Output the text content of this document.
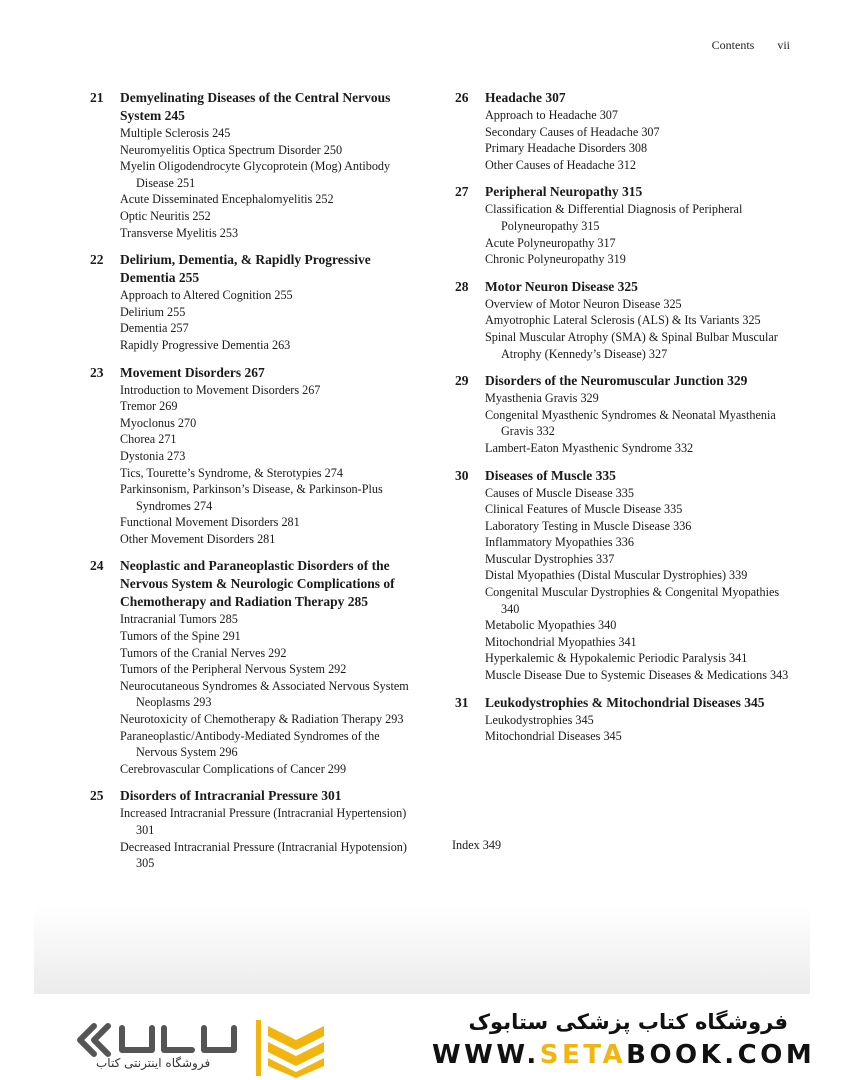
Contents vii
21	Demyelinating Diseases of the Central Nervous System 245
Multiple Sclerosis 245
Neuromyelitis Optica Spectrum Disorder 250
Myelin Oligodendrocyte Glycoprotein (Mog) Antibody Disease 251
Acute Disseminated Encephalomyelitis 252
Optic Neuritis 252
Transverse Myelitis 253
22	Delirium, Dementia, & Rapidly Progressive Dementia 255
Approach to Altered Cognition 255
Delirium 255
Dementia 257
Rapidly Progressive Dementia 263
23	Movement Disorders 267
Introduction to Movement Disorders 267
Tremor 269
Myoclonus 270
Chorea 271
Dystonia 273
Tics, Tourette’s Syndrome, & Sterotypies 274
Parkinsonism, Parkinson’s Disease, & Parkinson-Plus Syndromes 274
Functional Movement Disorders 281
Other Movement Disorders 281
24	Neoplastic and Paraneoplastic Disorders of the Nervous System & Neurologic Complications of Chemotherapy and Radiation Therapy 285
Intracranial Tumors 285
Tumors of the Spine 291
Tumors of the Cranial Nerves 292
Tumors of the Peripheral Nervous System 292
Neurocutaneous Syndromes & Associated Nervous System Neoplasms 293
Neurotoxicity of Chemotherapy & Radiation Therapy 293
Paraneoplastic/Antibody-Mediated Syndromes of the Nervous System 296
Cerebrovascular Complications of Cancer 299
25	Disorders of Intracranial Pressure 301
Increased Intracranial Pressure (Intracranial Hypertension) 301
Decreased Intracranial Pressure (Intracranial Hypotension) 305
26	Headache 307
Approach to Headache 307
Secondary Causes of Headache 307
Primary Headache Disorders 308
Other Causes of Headache 312
27	Peripheral Neuropathy 315
Classification & Differential Diagnosis of Peripheral Polyneuropathy 315
Acute Polyneuropathy 317
Chronic Polyneuropathy 319
28	Motor Neuron Disease 325
Overview of Motor Neuron Disease 325
Amyotrophic Lateral Sclerosis (ALS) & Its Variants 325
Spinal Muscular Atrophy (SMA) & Spinal Bulbar Muscular Atrophy (Kennedy’s Disease) 327
29	Disorders of the Neuromuscular Junction 329
Myasthenia Gravis 329
Congenital Myasthenic Syndromes & Neonatal Myasthenia Gravis 332
Lambert-Eaton Myasthenic Syndrome 332
30	Diseases of Muscle 335
Causes of Muscle Disease 335
Clinical Features of Muscle Disease 335
Laboratory Testing in Muscle Disease 336
Inflammatory Myopathies 336
Muscular Dystrophies 337
Distal Myopathies (Distal Muscular Dystrophies) 339
Congenital Muscular Dystrophies & Congenital Myopathies 340
Metabolic Myopathies 340
Mitochondrial Myopathies 341
Hyperkalemic & Hypokalemic Periodic Paralysis 341
Muscle Disease Due to Systemic Diseases & Medications 343
31	Leukodystrophies & Mitochondrial Diseases 345
Leukodystrophies 345
Mitochondrial Diseases 345
Index 349
فروشگاه اینترنتی کتاب
فروشگاه کتاب پزشکی ستابوک
WWW.SETABOOK.COM
